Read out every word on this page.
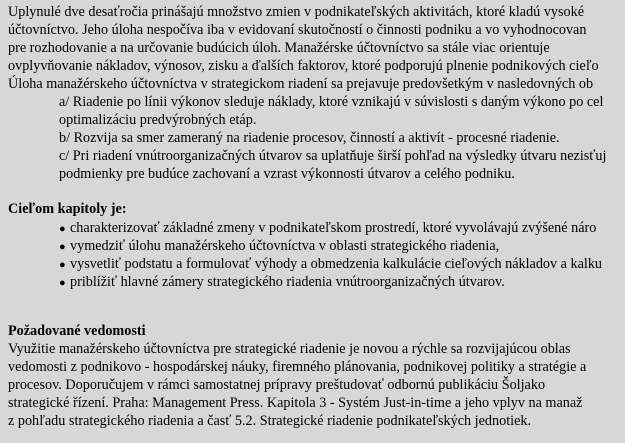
Uplynulé dve desaťročia prinášajú množstvo zmien v podnikateľských aktivitách, ktoré kladú vysoké
účtovníctvo. Jeho úloha nespočíva iba v evidovaní skutočností o činnosti podniku a vo vyhodnocovan
pre rozhodovanie a na určovanie budúcich úloh. Manažérske účtovníctvo sa stále viac orientuje
ovplyvňovanie nákladov, výnosov, zisku a ďalších faktorov, ktoré podporujú plnenie podnikových cieľo
Úloha manažérskeho účtovníctva v strategickom riadení sa prejavuje predovšetkým v nasledovných ob
a/ Riadenie po línii výkonov sleduje náklady, ktoré vznikajú v súvislosti s daným výkono po cel
optimalizáciu predvýrobných etáp.
b/ Rozvija sa smer zameraný na riadenie procesov, činností a aktivít - procesné riadenie.
c/ Pri riadení vnútroorganizačných útvarov sa uplatňuje širší pohľad na výsledky útvaru nezisťuj
podmienky pre budúce zachovaní a vzrast výkonnosti útvarov a celého podniku.
Cieľom kapitoly je:
● charakterizovať základné zmeny v podnikateľskom prostredí, ktoré vyvolávajú zvýšené náro
● vymedziť úlohu manažérskeho účtovníctva v oblasti strategického riadenia,
● vysvetliť podstatu a formulovať výhody a obmedzenia kalkulácie cieľových nákladov a kalku
● priblížiť hlavné zámery strategického riadenia vnútroorganizačných útvarov.
Požadované vedomosti
Využitie manažérskeho účtovníctva pre strategické riadenie je novou a rýchle sa rozvijajúcou oblas
vedomosti z podnikovo - hospodárskej náuky, firemného plánovania, podnikovej politiky a stratégie a
procesov. Doporučujem v rámci samostatnej prípravy preštudovať odbornú publikáciu Šoljako
strategické řízení. Praha: Management Press. Kapitola 3 - Systém Just-in-time a jeho vplyv na manaž
z pohľadu strategického riadenia a časť 5.2. Strategické riadenie podnikateľských jednotiek.
